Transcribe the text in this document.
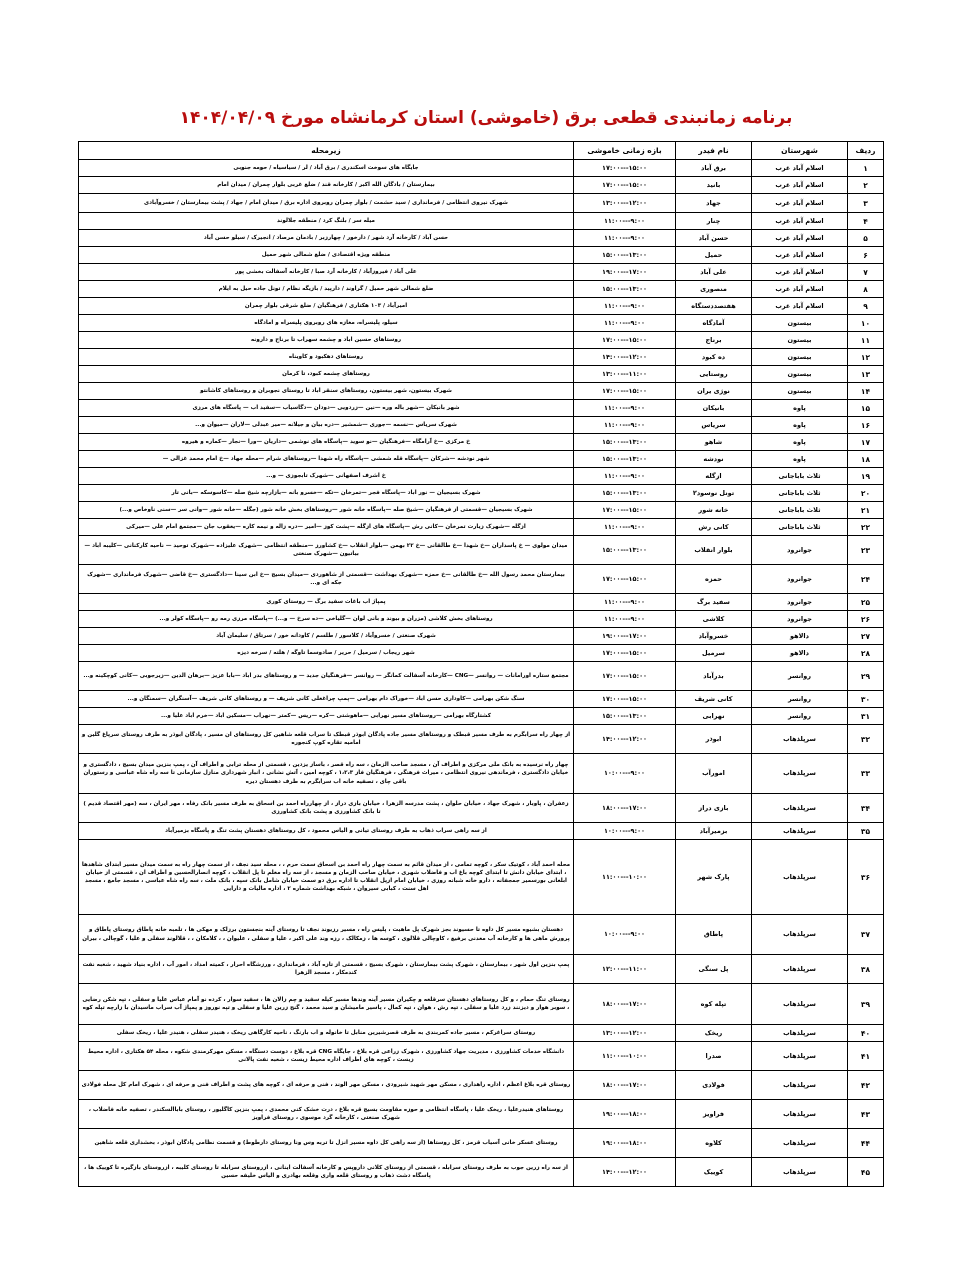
برنامه زمانبندی قطعی برق (خاموشی) استان کرمانشاه مورخ ۱۴۰۴/۰۴/۰۹
ردیف	شهرستان	نام فیدر	بازه زمانی خاموشی	زیرمحله
۱	اسلام آباد غرب	برق آباد	۱۵:۰۰---۱۷:۰۰	جایگاه های سوخت اسکندری / برق آباد / لر / سیاسیاه / حومه جنوبی
۲	اسلام آباد غرب	بانید	۱۵:۰۰---۱۷:۰۰	بیمارستان / بادگان الله اکبر / کارخانه قند / ضلع غربی بلوار چمران / میدان امام
۳	اسلام آباد غرب	جهاد	۱۲:۰۰---۱۳:۰۰	شهرک نیروی انتظامی / فرمانداری / سید حشمت / بلوار چمران روبروی اداره برق / میدان امام / جهاد / پشت بیمارستان / خسروآبادی
۴	اسلام آباد غرب	چنار	۹:۰۰---۱۱:۰۰	میله سر / بلنگ کرد / منطقه جلالوند
۵	اسلام آباد غرب	حسن آباد	۹:۰۰---۱۱:۰۰	حسن آباد / کارخانه آرد شهر / دارخور / چهارزبر / بادمان مرصاد / انجیرک / سیلو حسن آباد
۶	اسلام آباد غرب	حمیل	۱۳:۰۰---۱۵:۰۰	منطقه ویژه اقتصادی / ضلع شمالی شهر حمیل
۷	اسلام آباد غرب	علی آباد	۱۷:۰۰---۱۹:۰۰	علی آباد / فیروزآباد / کارخانه آرد صبا / کارخانه آسفالت بخشی پور
۸	اسلام آباد غرب	منصوری	۱۳:۰۰---۱۵:۰۰	ضلع شمالی شهر حمیل / گراوند / دارپید / بازیگه نظام / تونل جاده حیل به ایلام
۹	اسلام آباد غرب	هفتصددستگاه	۹:۰۰---۱۱:۰۰	امیرآباد / ۱۰۳ هکتاری / فرهنگیان / ضلع شرقی بلوار چمران
۱۰	بیستون	آمادگاه	۹:۰۰---۱۱:۰۰	سیلو، پلیسراه، مغازه های روبروی پلیسراه و امادگاه
۱۱	بیستون	برناج	۱۵:۰۰---۱۷:۰۰	روستاهای حسین اباد و چشمه سهراب تا برناج و دارونه
۱۲	بیستون	ده کبود	۱۲:۰۰---۱۴:۰۰	روستاهای دهکبود و کاویناه
۱۳	بیستون	روستایی	۱۱:۰۰---۱۳:۰۰	روستاهای چشمه کبود، تا کرمان
۱۴	بیستون	نوژی یران	۱۵:۰۰---۱۷:۰۰	شهرک بیستون، شهر بیستون، روستاهای سنقر اباد تا روستای نجوبران و روستاهای کاشانتو
۱۵	پاوه	بانیکان	۹:۰۰---۱۱:۰۰	شهر بانیکان —شهر باله وره —نین —زردویی —دودان —دگاسیاب —سفید اب — پاسگاه های مرزی
۱۶	پاوه	سریاس	۹:۰۰---۱۱:۰۰	شهرک سریاس —نسمه —جوری —شمشیر —دره بیان و جیلانه —میر عبدلی —لاران —میوان و...
۱۷	پاوه	شاهو	۱۳:۰۰---۱۵:۰۰	خ مرکزی —خ آرامگاه —فرهنگیان —نو سوید —پاسگاه های نوشمی —داریان —ورا —نجار —کماره و هیروه
۱۸	پاوه	نودشه	۱۳:۰۰---۱۵:۰۰	شهر نودشه —شرکان —پاسگاه قله شمشی —پاسگاه راه شهدا —روستاهای شرام —محله جهاد —خ امام محمد غزالی —
۱۹	ثلاث باباجانی	ازگله	۹:۰۰---۱۱:۰۰	خ اشرف اصفهانی —شهرک تابجوزی — و...
۲۰	ثلاث باباجانی	تونل نوسود۲	۱۳:۰۰---۱۵:۰۰	شهرک بسیجیان — نور اباد —پاسگاه فجر —تمرخان —تکه —خسرو بانه —بازارچه شیخ صله —کاسوسکه —بانی تار
۲۱	ثلاث باباجانی	خانه شور	۱۵:۰۰---۱۷:۰۰	شهرک بسیجیان —قسمتی از فرهنگیان —شیخ صله —پاسگاه خانه شور —روستاهای بخش خانه شور (جگله —خانه شور —وانی سر —سنی ناوخاص و...)
۲۲	ثلاث باباجانی	کانی رش	۹:۰۰---۱۱:۰۰	ازگله —شهرک زیارت تمرخان —کانی رش —پاسگاه های ازگله —پشت کوز —امیر —دره زاله و نیمه کاره —یعقوب جان —مجتمع امام علی —میرکی
۲۳	جوانرود	بلوار انقلاب	۱۳:۰۰---۱۵:۰۰	میدان مولوی — خ پاسداران —خ شهدا —خ طالقانی —خ ۲۲ بهمن —بلوار انقلاب —خ کشاورز —منطقه انتظامی —شهرک علیزاده —شهرک توحید — ناحیه کارکنانی —کلیبه اباد —بیاتیون —شهرک صنعتی
۲۴	جوانرود	حمزه	۱۵:۰۰---۱۷:۰۰	بیمارستان محمد رسول الله —خ طالقانی —خ حمزه —شهرک بهداشت —قسمتی از شاهوردی —میدان بسیج —خ ابن سینا —دادگستری —خ قاضی —شهرک فرمانداری —شهرک جکه ای و...
۲۵	جوانرود	سفید برگ	۹:۰۰---۱۱:۰۰	پمپاژ اب باغات سفید برگ — روستای کوری
۲۶	جوانرود	کلاشی	۹:۰۰---۱۱:۰۰	روستاهای بخش کلاشی (مزران و بیوند و بانی لوان —گلیاخی —ده سرخ — و...) —پاسگاه مرزی رمه رو —پاسگاه کولر و...
۲۷	دالاهو	خسروآباد	۱۷:۰۰---۱۹:۰۰	شهرک صنعتی / خسروآباد / کلاسور / طلسم / کاودانه خور / سرتاق / سلیمان آباد
۲۸	دالاهو	سرمیل	۱۵:۰۰---۱۷:۰۰	شهر ریجاب / سرمیل / حریر / صادوسما تاوگه / هلته / سرخه دیزه
۲۹	روانسر	بدرآباد	۱۵:۰۰---۱۷:۰۰	مجتمع ستاره اورامانات — روانسر —CNG —کارخانه آسفالت کمانگر — روانسر —فرهنگیان جدید — و روستاهای بدر اباد —بابا عزیز —برهان الدین —زیرجوبی —کانی کوچکینه و...
۳۰	روانسر	کانی شریف	۱۵:۰۰---۱۷:۰۰	سنگ شکن بهرامی —کاوداری حسن اباد —خوراک دام بهرامی —پمپ چراغعلی کانی شریف — و روستاهای کانی شریف —آسنگران —سمنگان و...
۳۱	روانسر	نهرابی	۱۳:۰۰---۱۵:۰۰	کشتارگاه بهرامی —روستاهای مسیر نهرابی —ماهوشتی —کره —ریس —کمتر —نهراب —مسکین اباد —خرم اباد علیا و...
۳۲	سرپلذهاب	ابوذر	۱۲:۰۰---۱۴:۰۰	از چهار راه سرابگرم به طرف مسیر قبطک و روستاهای مسیر جاده پادگان ابوذر قبطک تا سراب قلعه شاهین کل روستاهای ان مسیر ، پادگان ابوذر به طرف روستای سرپاغ گلین و امامیه تقاره کوپ کنجوره
۳۳	سرپلذهاب	امورآب	۹:۰۰---۱۰:۰۰	چهار راه نرسیده به بانک ملی مرکزی و اطراف آن ، مسجد صاحب الزمان ، سه راه قصر ، باساز یزدین ، قسمتی از محله ترابی و اطراف آن ، پمپ بنزین میدان بسیج ، دادگستری و خیابان دادگستری ، فرماندهی نیروی انتظامی ، میراث فرهنگی ، فرهنگیان فاز ۱،۲،۳ ، کوچه امین ، آتش نشانی ، انبار شهرداری منازل سازمانی تا سه راه شاه عباسی و رستوران باقی چای ، تصفیه خانه اب سرابگرم به طرف دهستان دیره
۳۴	سرپلذهاب	بازی دراز	۱۷:۰۰---۱۸:۰۰	زعفران ، پاوبار ، شهرک جهاد ، خیابان حلوان ، پشت مدرسه الزهرا ، خیابان بازی دراز ، از چهارراه احمد بن اسحاق به طرف مسیر بانک رفاه ، مهر ایران ، سه (مهر اقتصاد قدیم ) تا بانک کشاورزی و پشت بانک کشاورزی
۳۵	سرپلذهاب	بزمیرآباد	۹:۰۰---۱۰:۰۰	از سه راهی سراب ذهاب به طرف روستای تیانی و الیاس محمود ، کل روستاهای دهستان پشت تنگ و پاسگاه بزمیرآباد
۳۶	سرپلذهاب	پارک شهر	۱۰:۰۰---۱۱:۰۰	محله احمد آباد ، کوتیک سکر ، کوچه تمامی ، از میدان قائم به سمت چهار راه احمد بن اسحاق سمت حرم ، ، محله سید نجف ، از سمت چهار راه به سمت میدان مسیر ابتدای شاهدها ، ابتدای خیابان دانش تا ابتدای کوچه باغ اب و فاضلاب شهری ، خیابان صاحب الزمان و مسجد ، از سه راه معلم تا پل انقلاب ، کوچه انصارالحسین و اطراف ان ، قسمتی از خیابان ابلغانی بورسمیر جمجفانه ، دارو خانه شبانه روزی ، خیابان امام ازپل انقلاب تا اداره برق دو سمت خیابان شامل بانک سپه ، بانک ملت ، سه راه شاه عباسی ، مسجد جامع ، مسجد اهل سنت ، کبابی سیروان ، شبکه بهداشت شماره ۲ ، اداره مالیات و دارایی
۳۷	سرپلذهاب	پاطاق	۹:۰۰---۱۰:۰۰	دهستان بشیوه مسیر کل داوه تا حسیوند بجز شهرک پل ماهیت ، پلیس راه ، مسیر رزیوند نجف تا روستای آینه بنجستون برزلک و مهکی ها ، تلمبه خانه پاطاق روستای پاطاق و پرورش ماهی ها و کارخانه آب معدنی برفیع ، کاوچالی قلالوی ، کوسه ها ، زمکالک ، رزه وند علی اکبر ، علیا و سفلی ، علیوان ، ، کلامکان ، ، قلالوند سفلی و علیا ، گوچالی ، بیران
۳۸	سرپلذهاب	پل سنگی	۱۱:۰۰---۱۲:۰۰	پمپ بنزین اول شهر ، بیمارستان ، شهرک پشت بیمارستان ، شهرک بسیج ، قسمتی از تازه آباد ، فرمانداری ، ورزشگاه احرار ، کمیته امداد ، امور آب ، اداره بنیاد شهید ، شعبه نفت کندمکار ، مسجد الزهرا
۳۹	سرپلذهاب	تپله کوه	۱۷:۰۰---۱۸:۰۰	روستای تنگ حمام ، و کل روستاهای دهستان سرقلعه و چکیران مسیر آینه وندها مسیر کیله سفید و چم زالان ها ، سفید سوار ، کرده نو آمام عباس علیا و سفلی ، تپه شکن رضایی ، سوبر هوار و دیزنند زرد علیا و سفلی ، تپه رش ، هوان ، تپه کمال ، پاسیر مامیشان و سید محمد ، گنج زرین علیا و سفلی و تپه نوروز و پمپاژ آب سراب ماسیدان با زارچه تپله کوه
۴۰	سرپلذهاب	ریخک	۱۲:۰۰---۱۳:۰۰	روستای سراغرکم ، مسیر جاده کمربندی به طرف قصرشیرین منابل تا خانوله و اب بارنگ ، ناحیه کارگاهی ریخک ، هنیدر سفلی ، هنیدر علیا ، ریخک سفلی
۴۱	سرپلذهاب	صدرا	۱۰:۰۰---۱۱:۰۰	دانشگاه خدمات کشاورزی ، مدیریت جهاد کشاورزی ، شهرک زراعی قره بلاغ ، جایگاه CNG قره بلاغ ، دوست دستگاه ، مسکن مهرکرمندی شکوه ، محله ۵۴ هکتاری ، اداره محیط زیست ، کوچه های اطراف اداره محیط زیست ، شعبه نفت پالانی
۴۲	سرپلذهاب	فولادی	۱۷:۰۰---۱۸:۰۰	روستای قره بلاغ اعظم ، اداره راهداری ، مسکن مهر شهید شیرودی ، مسکن مهر الوند ، فنی و حرفه ای ، کوچه های پشت و اطراف فنی و حرفه ای ، شهرک امام کل محله فولادی
۴۳	سرپلذهاب	فراویز	۱۸:۰۰---۱۹:۰۰	روستاهای هنیدرعلیا ، ریخک علیا ، پاسگاه انتظامی و حوزه مقاومت بسیج قره بلاغ ، درت خشک کنی محمدی ، پمپ بنزین کاگلیور ، روستای باباالسکندر ، تصفیه خانه فاضلاب ، شهرک صنعتی ، کارخانه گرد موسوی ، روستای فراویز
۴۴	سرپلذهاب	کلاوه	۱۸:۰۰---۱۹:۰۰	روستای عسکر خانی آسیاب قرمز ، کل روستاها (از سه راهی کل داوه مسیر انزل تا تربه وس ونا روستای دارطوط) و قسمت نظامی پادگان ابوذر ، بخشداری قلعه شاهین
۴۵	سرپلذهاب	کوییک	۱۲:۰۰---۱۴:۰۰	از سه راه زرین جوب به طرف روستای سرابله ، قسمتی از روستای کلانی داروپس و کارخانه آسفالت اینانی ، ازروستای سرابله تا روستای کلیبه ، ازروستای بازگیره تا کوییک ها ، پاسگاه دشت ذهاب و روستای قلعه واری وقلعه بهادری و الیاس خلیفه حسین
